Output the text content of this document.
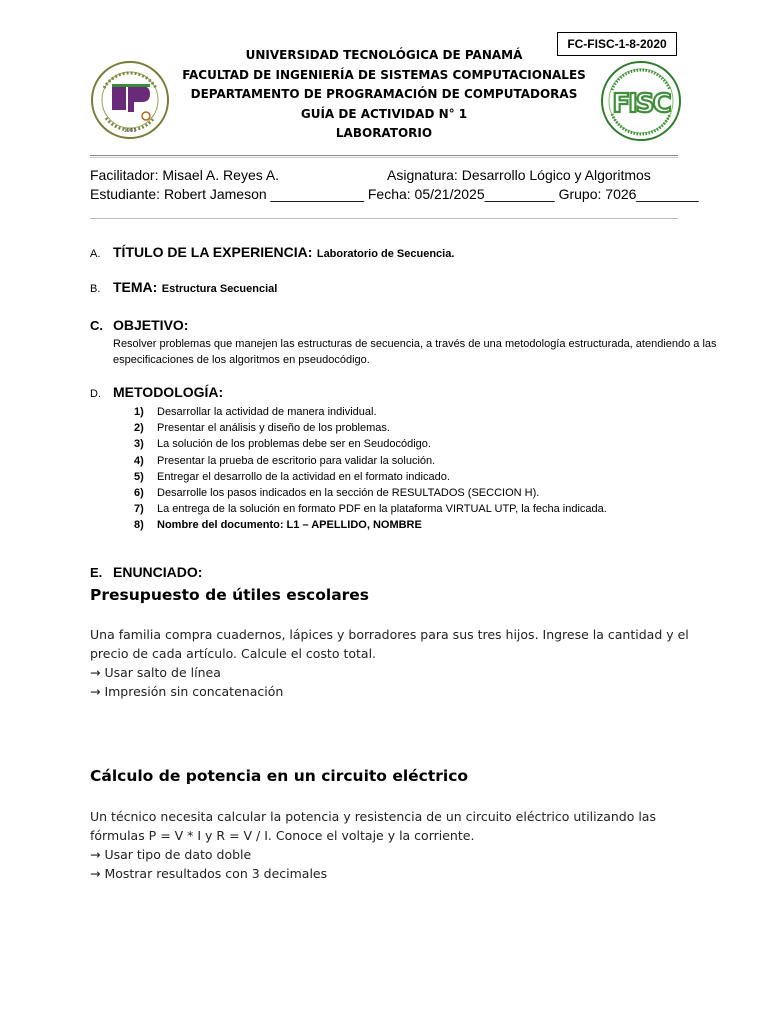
FC-FISC-1-8-2020
1981
FISC
UNIVERSIDAD TECNOLÓGICA DE PANAMÁ
FACULTAD DE INGENIERÍA DE SISTEMAS COMPUTACIONALES
DEPARTAMENTO DE PROGRAMACIÓN DE COMPUTADORAS
GUÍA DE ACTIVIDAD N° 1
LABORATORIO
Facilitador: Misael A. Reyes A.	Asignatura: Desarrollo Lógico y Algoritmos
Estudiante: Robert Jameson ____________ Fecha: 05/21/2025_________ Grupo: 7026________
A. TÍTULO DE LA EXPERIENCIA: Laboratorio de Secuencia.
B. TEMA: Estructura Secuencial
C. OBJETIVO:
Resolver problemas que manejen las estructuras de secuencia, a través de una metodología estructurada, atendiendo a las
especificaciones de los algoritmos en pseudocódigo.
D. METODOLOGÍA:
1) Desarrollar la actividad de manera individual.
2) Presentar el análisis y diseño de los problemas.
3) La solución de los problemas debe ser en Seudocódigo.
4) Presentar la prueba de escritorio para validar la solución.
5) Entregar el desarrollo de la actividad en el formato indicado.
6) Desarrolle los pasos indicados en la sección de RESULTADOS (SECCION H).
7) La entrega de la solución en formato PDF en la plataforma VIRTUAL UTP, la fecha indicada.
8) Nombre del documento: L1 – APELLIDO, NOMBRE
E. ENUNCIADO:
Presupuesto de útiles escolares
Una familia compra cuadernos, lápices y borradores para sus tres hijos. Ingrese la cantidad y el
precio de cada artículo. Calcule el costo total.
→ Usar salto de línea
→ Impresión sin concatenación
Cálculo de potencia en un circuito eléctrico
Un técnico necesita calcular la potencia y resistencia de un circuito eléctrico utilizando las
fórmulas P = V * I y R = V / I. Conoce el voltaje y la corriente.
→ Usar tipo de dato doble
→ Mostrar resultados con 3 decimales
